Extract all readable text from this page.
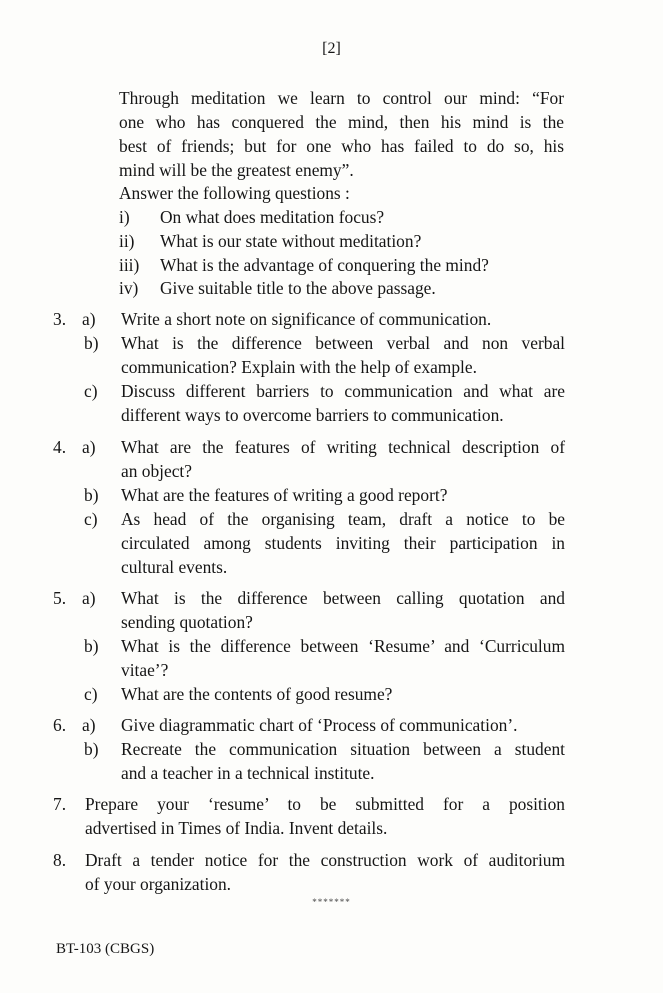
[2]
Through meditation we learn to control our mind: “For
one who has conquered the mind, then his mind is the
best of friends; but for one who has failed to do so, his
mind will be the greatest enemy”.
Answer the following questions :
i) On what does meditation focus?
ii) What is our state without meditation?
iii) What is the advantage of conquering the mind?
iv) Give suitable title to the above passage.
3. a) Write a short note on significance of communication.
b) What is the difference between verbal and non verbal
communication? Explain with the help of example.
c) Discuss different barriers to communication and what are
different ways to overcome barriers to communication.
4. a) What are the features of writing technical description of
an object?
b) What are the features of writing a good report?
c) As head of the organising team, draft a notice to be
circulated among students inviting their participation in
cultural events.
5. a) What is the difference between calling quotation and
sending quotation?
b) What is the difference between ‘Resume’ and ‘Curriculum
vitae’?
c) What are the contents of good resume?
6. a) Give diagrammatic chart of ‘Process of communication’.
b) Recreate the communication situation between a student
and a teacher in a technical institute.
7. Prepare your ‘resume’ to be submitted for a position
advertised in Times of India. Invent details.
8. Draft a tender notice for the construction work of auditorium
of your organization.
*******
BT-103 (CBGS)
